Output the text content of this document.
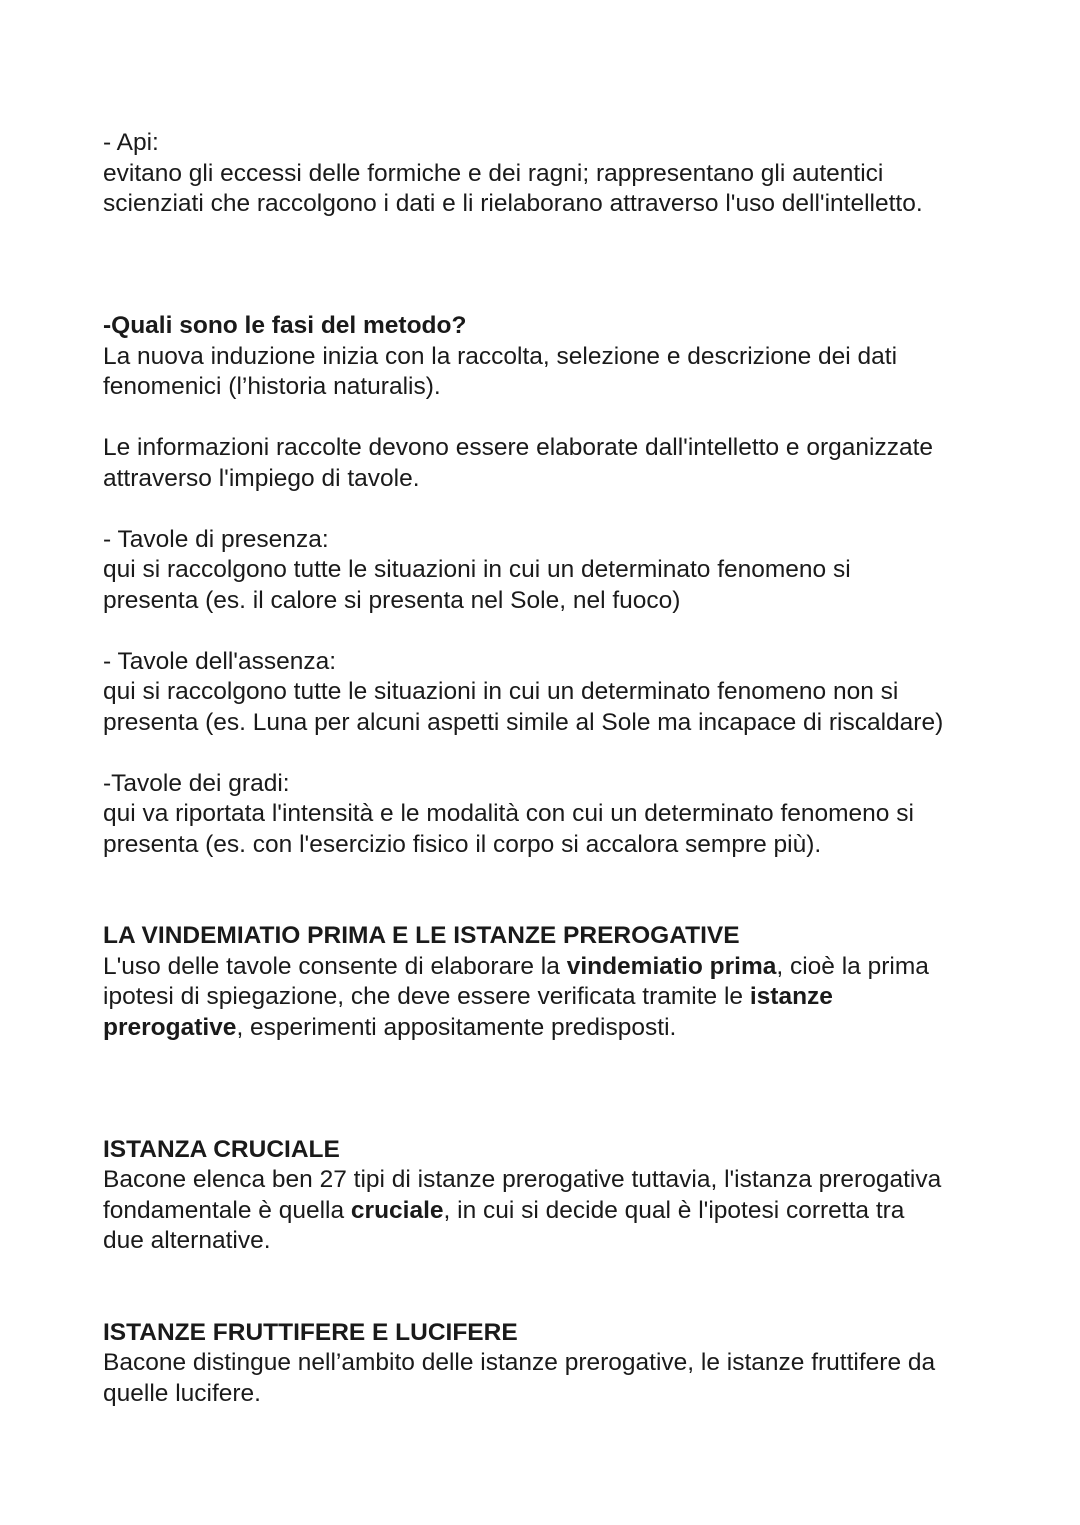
- Api:

evitano gli eccessi delle formiche e dei ragni; rappresentano gli autentici

scienziati che raccolgono i dati e li rielaborano attraverso l'uso dell'intelletto.

-Quali sono le fasi del metodo?

La nuova induzione inizia con la raccolta, selezione e descrizione dei dati

fenomenici (l’historia naturalis).

Le informazioni raccolte devono essere elaborate dall'intelletto e organizzate

attraverso l'impiego di tavole.

- Tavole di presenza:

qui si raccolgono tutte le situazioni in cui un determinato fenomeno si

presenta (es. il calore si presenta nel Sole, nel fuoco)

- Tavole dell'assenza:

qui si raccolgono tutte le situazioni in cui un determinato fenomeno non si

presenta (es. Luna per alcuni aspetti simile al Sole ma incapace di riscaldare)

-Tavole dei gradi:

qui va riportata l'intensità e le modalità con cui un determinato fenomeno si

presenta (es. con l'esercizio fisico il corpo si accalora sempre più).

LA VINDEMIATIO PRIMA E LE ISTANZE PREROGATIVE

L'uso delle tavole consente di elaborare la vindemiatio prima, cioè la prima

ipotesi di spiegazione, che deve essere verificata tramite le istanze

prerogative, esperimenti appositamente predisposti.

ISTANZA CRUCIALE

Bacone elenca ben 27 tipi di istanze prerogative tuttavia, l'istanza prerogativa

fondamentale è quella cruciale, in cui si decide qual è l'ipotesi corretta tra

due alternative.

ISTANZE FRUTTIFERE E LUCIFERE

Bacone distingue nell’ambito delle istanze prerogative, le istanze fruttifere da

quelle lucifere.
